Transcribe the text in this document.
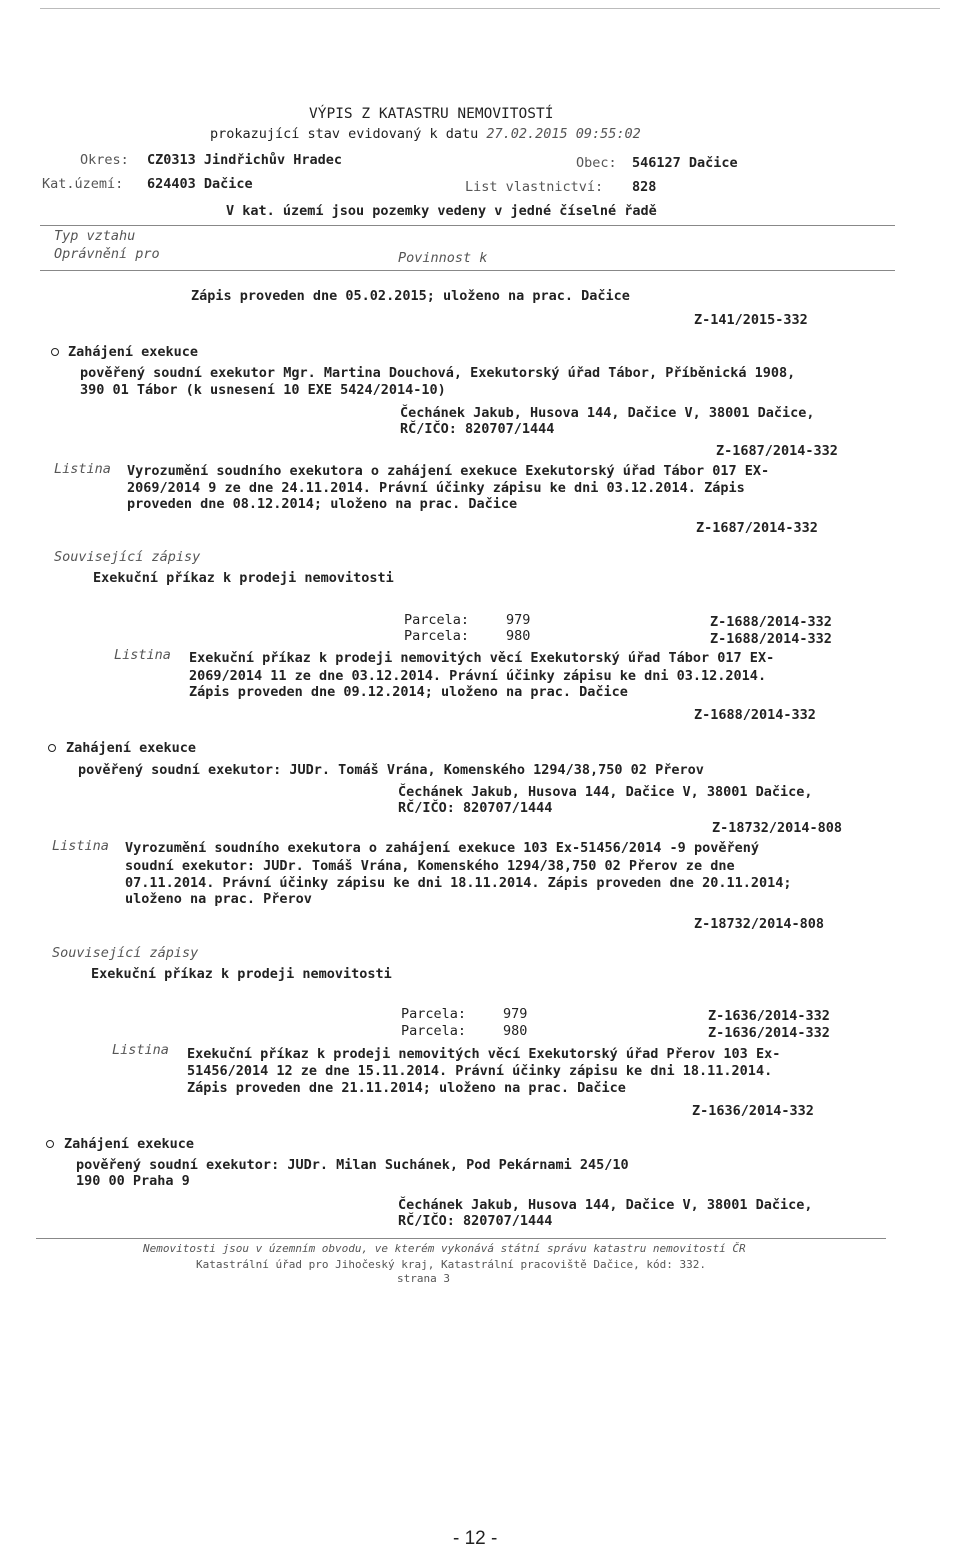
VÝPIS Z KATASTRU NEMOVITOSTÍ
prokazující stav evidovaný k datu 27.02.2015 09:55:02
Okres: CZ0313 Jindřichův Hradec	Obec: 546127 Dačice
Kat.území: 624403 Dačice	List vlastnictví: 828
V kat. území jsou pozemky vedeny v jedné číselné řadě
Typ vztahu
Oprávnění pro	Povinnost k
Zápis proveden dne 05.02.2015; uloženo na prac. Dačice
Z-141/2015-332
Zahájení exekuce
pověřený soudní exekutor Mgr. Martina Douchová, Exekutorský úřad Tábor, Příběnická 1908,
390 01 Tábor (k usnesení 10 EXE 5424/2014-10)
Čechánek Jakub, Husova 144, Dačice V, 38001 Dačice,
RČ/IČO: 820707/1444
Z-1687/2014-332
Listina Vyrozumění soudního exekutora o zahájení exekuce Exekutorský úřad Tábor 017 EX-
2069/2014 9 ze dne 24.11.2014. Právní účinky zápisu ke dni 03.12.2014. Zápis
proveden dne 08.12.2014; uloženo na prac. Dačice
Z-1687/2014-332
Související zápisy
Exekuční příkaz k prodeji nemovitosti
Parcela:	979	Z-1688/2014-332
Parcela:	980	Z-1688/2014-332
Listina Exekuční příkaz k prodeji nemovitých věcí Exekutorský úřad Tábor 017 EX-
2069/2014 11 ze dne 03.12.2014. Právní účinky zápisu ke dni 03.12.2014.
Zápis proveden dne 09.12.2014; uloženo na prac. Dačice
Z-1688/2014-332
Zahájení exekuce
pověřený soudní exekutor: JUDr. Tomáš Vrána, Komenského 1294/38,750 02 Přerov
Čechánek Jakub, Husova 144, Dačice V, 38001 Dačice,
RČ/IČO: 820707/1444
Z-18732/2014-808
Listina Vyrozumění soudního exekutora o zahájení exekuce 103 Ex-51456/2014 -9 pověřený
soudní exekutor: JUDr. Tomáš Vrána, Komenského 1294/38,750 02 Přerov ze dne
07.11.2014. Právní účinky zápisu ke dni 18.11.2014. Zápis proveden dne 20.11.2014;
uloženo na prac. Přerov
Z-18732/2014-808
Související zápisy
Exekuční příkaz k prodeji nemovitosti
Parcela:	979	Z-1636/2014-332
Parcela:	980	Z-1636/2014-332
Listina Exekuční příkaz k prodeji nemovitých věcí Exekutorský úřad Přerov 103 Ex-
51456/2014 12 ze dne 15.11.2014. Právní účinky zápisu ke dni 18.11.2014.
Zápis proveden dne 21.11.2014; uloženo na prac. Dačice
Z-1636/2014-332
Zahájení exekuce
pověřený soudní exekutor: JUDr. Milan Suchánek, Pod Pekárnami 245/10
190 00 Praha 9
Čechánek Jakub, Husova 144, Dačice V, 38001 Dačice,
RČ/IČO: 820707/1444
Nemovitosti jsou v územním obvodu, ve kterém vykonává státní správu katastru nemovitostí ČR
Katastrální úřad pro Jihočeský kraj, Katastrální pracoviště Dačice, kód: 332.
strana 3
- 12 -
